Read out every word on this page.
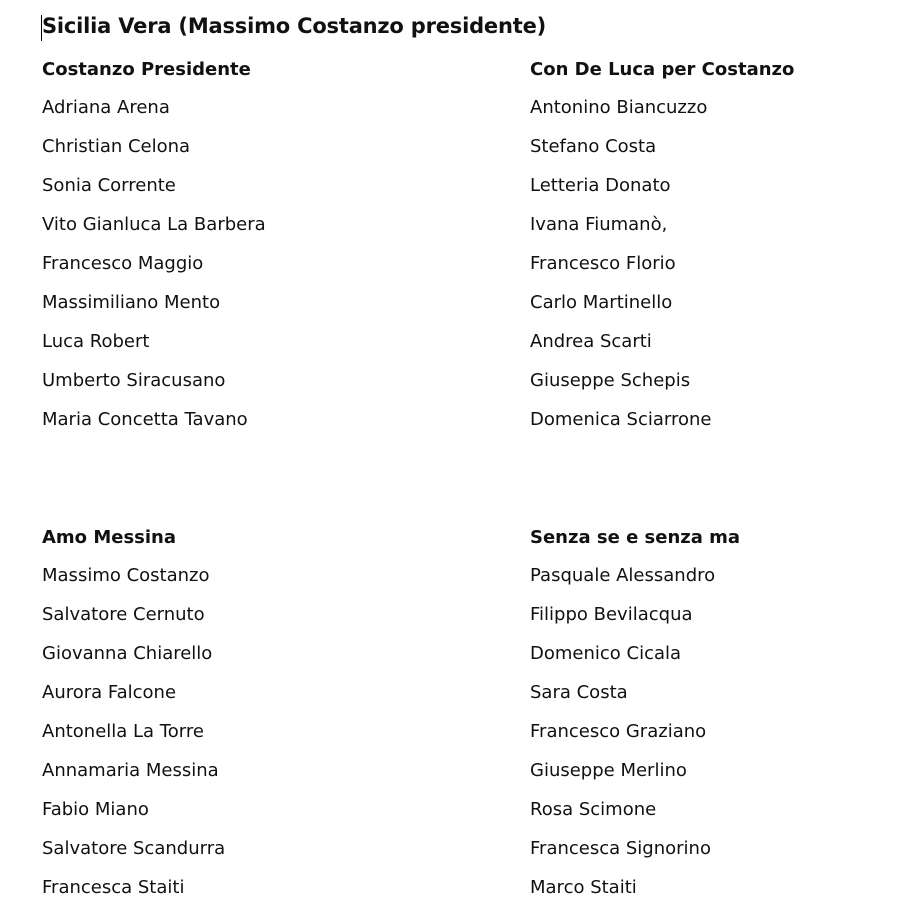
Sicilia Vera (Massimo Costanzo presidente)
Costanzo Presidente
Adriana Arena
Christian Celona
Sonia Corrente
Vito Gianluca La Barbera
Francesco Maggio
Massimiliano Mento
Luca Robert
Umberto Siracusano
Maria Concetta Tavano
Con De Luca per Costanzo
Antonino Biancuzzo
Stefano Costa
Letteria Donato
Ivana Fiumanò,
Francesco Florio
Carlo Martinello
Andrea Scarti
Giuseppe Schepis
Domenica Sciarrone
Amo Messina
Massimo Costanzo
Salvatore Cernuto
Giovanna Chiarello
Aurora Falcone
Antonella La Torre
Annamaria Messina
Fabio Miano
Salvatore Scandurra
Francesca Staiti
Senza se e senza ma
Pasquale Alessandro
Filippo Bevilacqua
Domenico Cicala
Sara Costa
Francesco Graziano
Giuseppe Merlino
Rosa Scimone
Francesca Signorino
Marco Staiti
